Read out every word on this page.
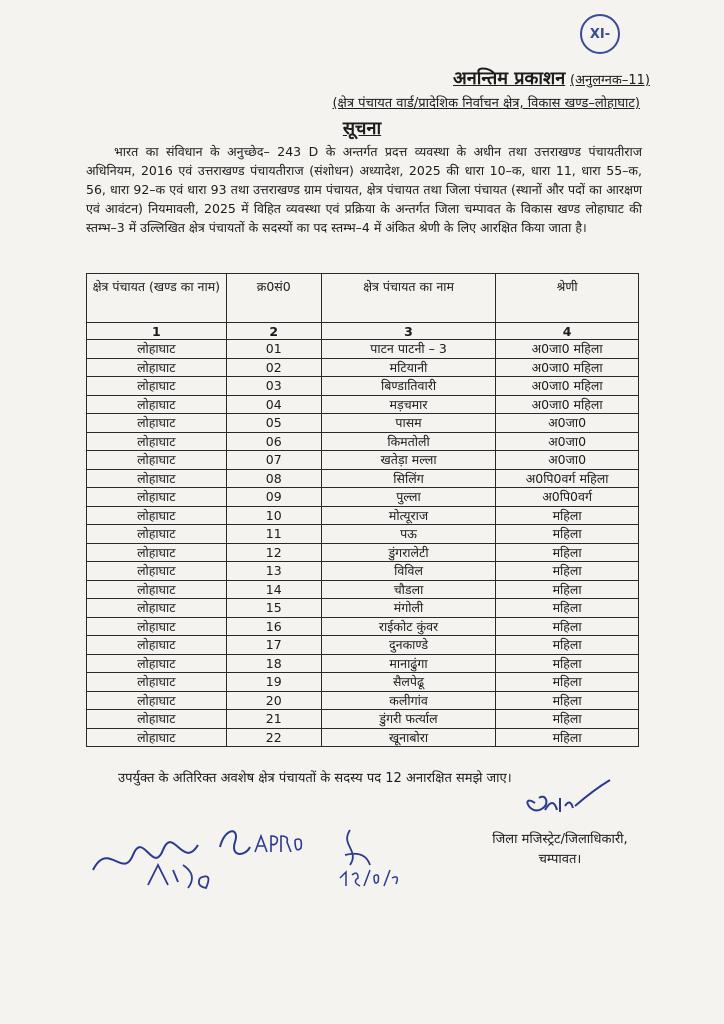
XI-
अनन्तिम प्रकाशन (अनुलग्नक–11)
(क्षेत्र पंचायत वार्ड/प्रादेशिक निर्वाचन क्षेत्र, विकास खण्ड–लोहाघाट)
सूचना
भारत का संविधान के अनुच्छेद– 243 D के अन्तर्गत प्रदत्त व्यवस्था के अधीन तथा उत्तराखण्ड पंचायतीराज अधिनियम, 2016 एवं उत्तराखण्ड पंचायतीराज (संशोधन) अध्यादेश, 2025 की धारा 10–क, धारा 11, धारा 55–क, 56, धारा 92–क एवं धारा 93 तथा उत्तराखण्ड ग्राम पंचायत, क्षेत्र पंचायत तथा जिला पंचायत (स्थानों और पदों का आरक्षण एवं आवंटन) नियमावली, 2025 में विहित व्यवस्था एवं प्रक्रिया के अन्तर्गत जिला चम्पावत के विकास खण्ड लोहाघाट की स्तम्भ–3 में उल्लिखित क्षेत्र पंचायतों के सदस्यों का पद स्तम्भ–4 में अंकित श्रेणी के लिए आरक्षित किया जाता है।
क्षेत्र पंचायत (खण्ड का नाम)	क्र0सं0	क्षेत्र पंचायत का नाम	श्रेणी
1	2	3	4
लोहाघाट	01	पाटन पाटनी – 3	अ0जा0 महिला
लोहाघाट	02	मटियानी	अ0जा0 महिला
लोहाघाट	03	बिण्डातिवारी	अ0जा0 महिला
लोहाघाट	04	मड़चमार	अ0जा0 महिला
लोहाघाट	05	पासम	अ0जा0
लोहाघाट	06	किमतोली	अ0जा0
लोहाघाट	07	खतेड़ा मल्ला	अ0जा0
लोहाघाट	08	सिलिंग	अ0पि0वर्ग महिला
लोहाघाट	09	पुल्ला	अ0पि0वर्ग
लोहाघाट	10	मोत्यूराज	महिला
लोहाघाट	11	पऊ	महिला
लोहाघाट	12	डुंगरालेटी	महिला
लोहाघाट	13	विविल	महिला
लोहाघाट	14	चौडला	महिला
लोहाघाट	15	मंगोली	महिला
लोहाघाट	16	राईकोट कुंवर	महिला
लोहाघाट	17	दुनकाण्डे	महिला
लोहाघाट	18	मानाढुंगा	महिला
लोहाघाट	19	सैलपेढू	महिला
लोहाघाट	20	कलीगांव	महिला
लोहाघाट	21	डुंगरी फर्त्याल	महिला
लोहाघाट	22	खूनाबोरा	महिला
उपर्युक्त के अतिरिक्त अवशेष क्षेत्र पंचायतों के सदस्य पद 12 अनारक्षित समझे जाए।
जिला मजिस्ट्रेट/जिलाधिकारी,
चम्पावत।
